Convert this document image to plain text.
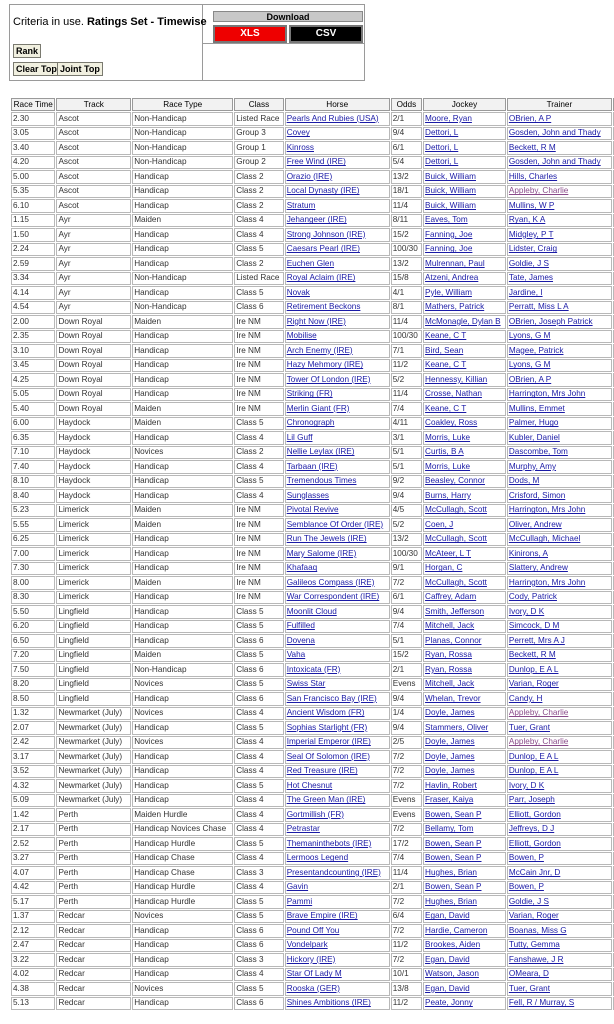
Criteria in use. Ratings Set - Timewise
Rank
Clear Top Joint Top
Download
XLS	CSV
Race Time	Track	Race Type	Class	Horse	Odds	Jockey	Trainer	
2.30	Ascot	Non-Handicap	Listed Race	Pearls And Rubies (USA)	2/1	Moore, Ryan	OBrien, A P	
3.05	Ascot	Non-Handicap	Group 3	Covey	9/4	Dettori, L	Gosden, John and Thady	
3.40	Ascot	Non-Handicap	Group 1	Kinross	6/1	Dettori, L	Beckett, R M	
4.20	Ascot	Non-Handicap	Group 2	Free Wind (IRE)	5/4	Dettori, L	Gosden, John and Thady	
5.00	Ascot	Handicap	Class 2	Orazio (IRE)	13/2	Buick, William	Hills, Charles	
5.35	Ascot	Handicap	Class 2	Local Dynasty (IRE)	18/1	Buick, William	Appleby, Charlie	
6.10	Ascot	Handicap	Class 2	Stratum	11/4	Buick, William	Mullins, W P	
1.15	Ayr	Maiden	Class 4	Jehangeer (IRE)	8/11	Eaves, Tom	Ryan, K A	
1.50	Ayr	Handicap	Class 4	Strong Johnson (IRE)	15/2	Fanning, Joe	Midgley, P T	
2.24	Ayr	Handicap	Class 5	Caesars Pearl (IRE)	100/30	Fanning, Joe	Lidster, Craig	
2.59	Ayr	Handicap	Class 2	Euchen Glen	13/2	Mulrennan, Paul	Goldie, J S	
3.34	Ayr	Non-Handicap	Listed Race	Royal Aclaim (IRE)	15/8	Atzeni, Andrea	Tate, James	
4.14	Ayr	Handicap	Class 5	Novak	4/1	Pyle, William	Jardine, I	
4.54	Ayr	Non-Handicap	Class 6	Retirement Beckons	8/1	Mathers, Patrick	Perratt, Miss L A	
2.00	Down Royal	Maiden	Ire NM	Right Now (IRE)	11/4	McMonagle, Dylan B	OBrien, Joseph Patrick	
2.35	Down Royal	Handicap	Ire NM	Mobilise	100/30	Keane, C T	Lyons, G M	
3.10	Down Royal	Handicap	Ire NM	Arch Enemy (IRE)	7/1	Bird, Sean	Magee, Patrick	
3.45	Down Royal	Handicap	Ire NM	Hazy Mehmory (IRE)	11/2	Keane, C T	Lyons, G M	
4.25	Down Royal	Handicap	Ire NM	Tower Of London (IRE)	5/2	Hennessy, Killian	OBrien, A P	
5.05	Down Royal	Handicap	Ire NM	Striking (FR)	11/4	Crosse, Nathan	Harrington, Mrs John	
5.40	Down Royal	Maiden	Ire NM	Merlin Giant (FR)	7/4	Keane, C T	Mullins, Emmet	
6.00	Haydock	Maiden	Class 5	Chronograph	4/11	Coakley, Ross	Palmer, Hugo	
6.35	Haydock	Handicap	Class 4	Lil Guff	3/1	Morris, Luke	Kubler, Daniel	
7.10	Haydock	Novices	Class 2	Nellie Leylax (IRE)	5/1	Curtis, B A	Dascombe, Tom	
7.40	Haydock	Handicap	Class 4	Tarbaan (IRE)	5/1	Morris, Luke	Murphy, Amy	
8.10	Haydock	Handicap	Class 5	Tremendous Times	9/2	Beasley, Connor	Dods, M	
8.40	Haydock	Handicap	Class 4	Sunglasses	9/4	Burns, Harry	Crisford, Simon	
5.23	Limerick	Maiden	Ire NM	Pivotal Revive	4/5	McCullagh, Scott	Harrington, Mrs John	
5.55	Limerick	Maiden	Ire NM	Semblance Of Order (IRE)	5/2	Coen, J	Oliver, Andrew	
6.25	Limerick	Handicap	Ire NM	Run The Jewels (IRE)	13/2	McCullagh, Scott	McCullagh, Michael	
7.00	Limerick	Handicap	Ire NM	Mary Salome (IRE)	100/30	McAteer, L T	Kinirons, A	
7.30	Limerick	Handicap	Ire NM	Khafaaq	9/1	Horgan, C	Slattery, Andrew	
8.00	Limerick	Maiden	Ire NM	Galileos Compass (IRE)	7/2	McCullagh, Scott	Harrington, Mrs John	
8.30	Limerick	Handicap	Ire NM	War Correspondent (IRE)	6/1	Caffrey, Adam	Cody, Patrick	
5.50	Lingfield	Handicap	Class 5	Moonlit Cloud	9/4	Smith, Jefferson	Ivory, D K	
6.20	Lingfield	Handicap	Class 5	Fulfilled	7/4	Mitchell, Jack	Simcock, D M	
6.50	Lingfield	Handicap	Class 6	Dovena	5/1	Planas, Connor	Perrett, Mrs A J	
7.20	Lingfield	Maiden	Class 5	Vaha	15/2	Ryan, Rossa	Beckett, R M	
7.50	Lingfield	Non-Handicap	Class 6	Intoxicata (FR)	2/1	Ryan, Rossa	Dunlop, E A L	
8.20	Lingfield	Novices	Class 5	Swiss Star	Evens	Mitchell, Jack	Varian, Roger	
8.50	Lingfield	Handicap	Class 6	San Francisco Bay (IRE)	9/4	Whelan, Trevor	Candy, H	
1.32	Newmarket (July)	Novices	Class 4	Ancient Wisdom (FR)	1/4	Doyle, James	Appleby, Charlie	
2.07	Newmarket (July)	Handicap	Class 5	Sophias Starlight (FR)	9/4	Stammers, Oliver	Tuer, Grant	
2.42	Newmarket (July)	Novices	Class 4	Imperial Emperor (IRE)	2/5	Doyle, James	Appleby, Charlie	
3.17	Newmarket (July)	Handicap	Class 4	Seal Of Solomon (IRE)	7/2	Doyle, James	Dunlop, E A L	
3.52	Newmarket (July)	Handicap	Class 4	Red Treasure (IRE)	7/2	Doyle, James	Dunlop, E A L	
4.32	Newmarket (July)	Handicap	Class 5	Hot Chesnut	7/2	Havlin, Robert	Ivory, D K	
5.09	Newmarket (July)	Handicap	Class 4	The Green Man (IRE)	Evens	Fraser, Kaiya	Parr, Joseph	
1.42	Perth	Maiden Hurdle	Class 4	Gortmillish (FR)	Evens	Bowen, Sean P	Elliott, Gordon	
2.17	Perth	Handicap Novices Chase	Class 4	Petrastar	7/2	Bellamy, Tom	Jeffreys, D J	
2.52	Perth	Handicap Hurdle	Class 5	Themaninthebots (IRE)	17/2	Bowen, Sean P	Elliott, Gordon	
3.27	Perth	Handicap Chase	Class 4	Lermoos Legend	7/4	Bowen, Sean P	Bowen, P	
4.07	Perth	Handicap Chase	Class 3	Presentandcounting (IRE)	11/4	Hughes, Brian	McCain Jnr, D	
4.42	Perth	Handicap Hurdle	Class 4	Gavin	2/1	Bowen, Sean P	Bowen, P	
5.17	Perth	Handicap Hurdle	Class 5	Pammi	7/2	Hughes, Brian	Goldie, J S	
1.37	Redcar	Novices	Class 5	Brave Empire (IRE)	6/4	Egan, David	Varian, Roger	
2.12	Redcar	Handicap	Class 6	Pound Off You	7/2	Hardie, Cameron	Boanas, Miss G	
2.47	Redcar	Handicap	Class 6	Vondelpark	11/2	Brookes, Aiden	Tutty, Gemma	
3.22	Redcar	Handicap	Class 3	Hickory (IRE)	7/2	Egan, David	Fanshawe, J R	
4.02	Redcar	Handicap	Class 4	Star Of Lady M	10/1	Watson, Jason	OMeara, D	
4.38	Redcar	Novices	Class 5	Rooska (GER)	13/8	Egan, David	Tuer, Grant	
5.13	Redcar	Handicap	Class 6	Shines Ambitions (IRE)	11/2	Peate, Jonny	Fell, R / Murray, S	
